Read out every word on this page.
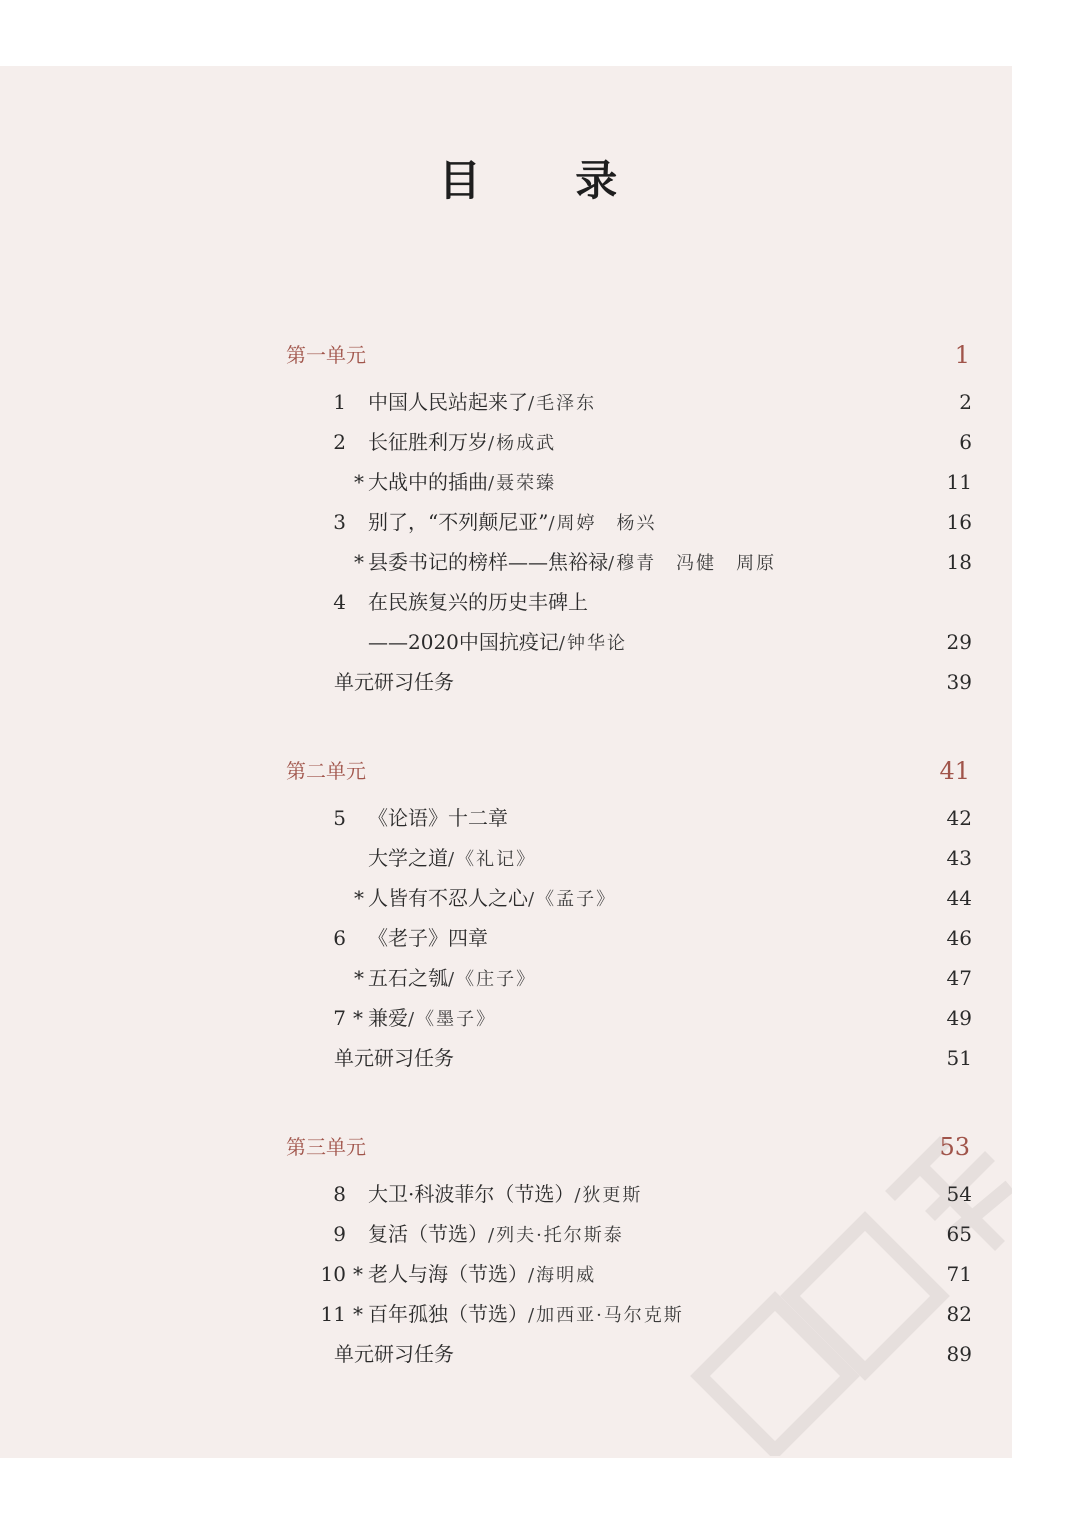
目 录
第一单元	1
1 中国人民站起来了/毛泽东	2
2 长征胜利万岁/杨成武	6
* 大战中的插曲/聂荣臻	11
3 别了，“不列颠尼亚”/周婷　杨兴	16
* 县委书记的榜样——焦裕禄/穆青　冯健　周原	18
4 在民族复兴的历史丰碑上
——2020中国抗疫记/钟华论	29
单元研习任务	39
第二单元	41
5 《论语》十二章	42
大学之道/《礼记》	43
* 人皆有不忍人之心/《孟子》	44
6 《老子》四章	46
* 五石之瓠/《庄子》	47
7 * 兼爱/《墨子》	49
单元研习任务	51
第三单元	53
8 大卫·科波菲尔（节选）/狄更斯	54
9 复活（节选）/列夫·托尔斯泰	65
10 * 老人与海（节选）/海明威	71
11 * 百年孤独（节选）/加西亚·马尔克斯	82
单元研习任务	89
